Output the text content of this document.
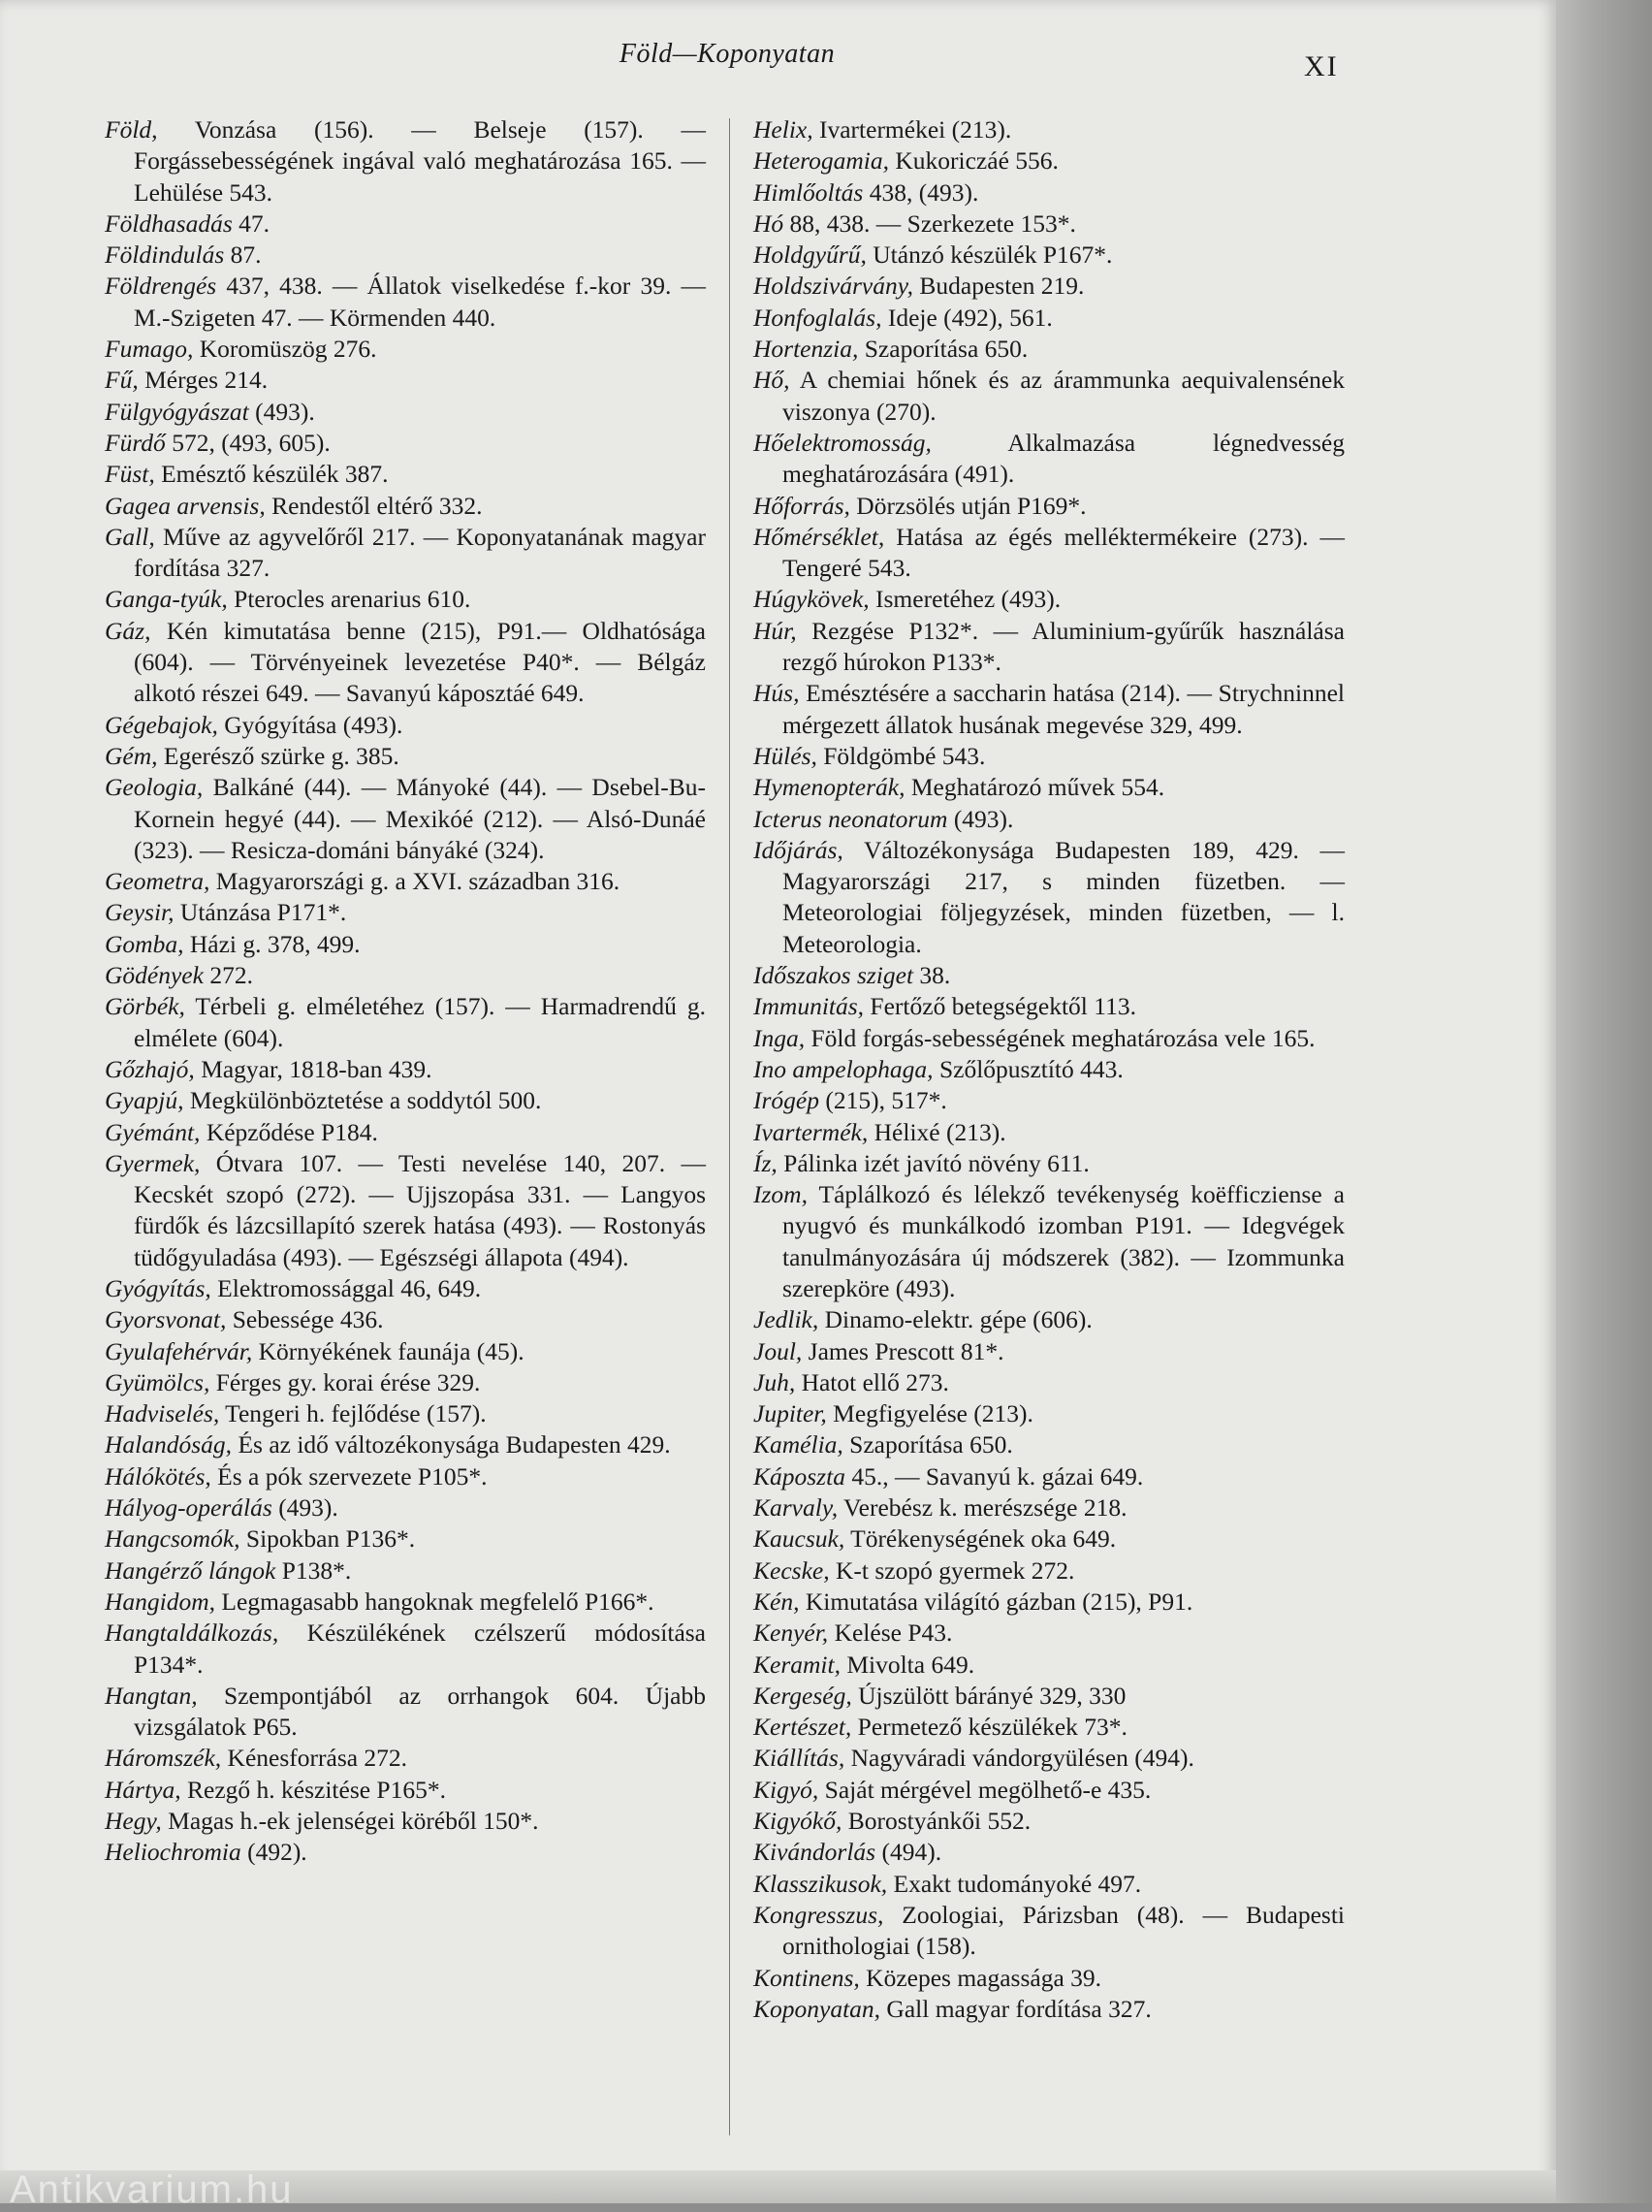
Föld—Koponyatan	XI

Föld, Vonzása (156). — Belseje (157). — Forgássebességének ingával való meghatározása 165. — Lehülése 543.

Földhasadás 47.

Földindulás 87.

Földrengés 437, 438. — Állatok viselkedése f.-kor 39. — M.-Szigeten 47. — Körmenden 440.

Fumago, Koromüszög 276.

Fű, Mérges 214.

Fülgyógyászat (493).

Fürdő 572, (493, 605).

Füst, Emésztő készülék 387.

Gagea arvensis, Rendestől eltérő 332.

Gall, Műve az agyvelőről 217. — Koponyatanának magyar fordítása 327.

Ganga-tyúk, Pterocles arenarius 610.

Gáz, Kén kimutatása benne (215), P91.— Oldhatósága (604). — Törvényeinek levezetése P40*. — Bélgáz alkotó részei 649. — Savanyú káposztáé 649.

Gégebajok, Gyógyítása (493).

Gém, Egerésző szürke g. 385.

Geologia, Balkáné (44). — Mányoké (44). — Dsebel-Bu-Kornein hegyé (44). — Mexikóé (212). — Alsó-Dunáé (323). — Resicza-dománi bányáké (324).

Geometra, Magyarországi g. a XVI. században 316.

Geysir, Utánzása P171*.

Gomba, Házi g. 378, 499.

Gödények 272.

Görbék, Térbeli g. elméletéhez (157). — Harmadrendű g. elmélete (604).

Gőzhajó, Magyar, 1818-ban 439.

Gyapjú, Megkülönböztetése a soddytól 500.

Gyémánt, Képződése P184.

Gyermek, Ótvara 107. — Testi nevelése 140, 207. — Kecskét szopó (272). — Ujjszopása 331. — Langyos fürdők és lázcsillapító szerek hatása (493). — Rostonyás tüdőgyuladása (493). — Egészségi állapota (494).

Gyógyítás, Elektromossággal 46, 649.

Gyorsvonat, Sebessége 436.

Gyulafehérvár, Környékének faunája (45).

Gyümölcs, Férges gy. korai érése 329.

Hadviselés, Tengeri h. fejlődése (157).

Halandóság, És az idő változékonysága Budapesten 429.

Hálókötés, És a pók szervezete P105*.

Hályog-operálás (493).

Hangcsomók, Sipokban P136*.

Hangérző lángok P138*.

Hangidom, Legmagasabb hangoknak megfelelő P166*.

Hangtaldálkozás, Készülékének czélszerű módosítása P134*.

Hangtan, Szempontjából az orrhangok 604. Újabb vizsgálatok P65.

Háromszék, Kénesforrása 272.

Hártya, Rezgő h. készitése P165*.

Hegy, Magas h.-ek jelenségei köréből 150*.

Heliochromia (492).

Helix, Ivartermékei (213).

Heterogamia, Kukoriczáé 556.

Himlőoltás 438, (493).

Hó 88, 438. — Szerkezete 153*.

Holdgyűrű, Utánzó készülék P167*.

Holdszivárvány, Budapesten 219.

Honfoglalás, Ideje (492), 561.

Hortenzia, Szaporítása 650.

Hő, A chemiai hőnek és az árammunka aequivalensének viszonya (270).

Hőelektromosság, Alkalmazása légnedvesség meghatározására (491).

Hőforrás, Dörzsölés utján P169*.

Hőmérséklet, Hatása az égés melléktermékeire (273). — Tengeré 543.

Húgykövek, Ismeretéhez (493).

Húr, Rezgése P132*. — Aluminium-gyűrűk használása rezgő húrokon P133*.

Hús, Emésztésére a saccharin hatása (214). — Strychninnel mérgezett állatok husának megevése 329, 499.

Hülés, Földgömbé 543.

Hymenopterák, Meghatározó művek 554.

Icterus neonatorum (493).

Időjárás, Változékonysága Budapesten 189, 429. — Magyarországi 217, s minden füzetben. — Meteorologiai följegyzések, minden füzetben, — l. Meteorologia.

Időszakos sziget 38.

Immunitás, Fertőző betegségektől 113.

Inga, Föld forgás-sebességének meghatározása vele 165.

Ino ampelophaga, Szőlőpusztító 443.

Irógép (215), 517*.

Ivartermék, Hélixé (213).

Íz, Pálinka izét javító növény 611.

Izom, Táplálkozó és lélekző tevékenység koëfficziense a nyugvó és munkálkodó izomban P191. — Idegvégek tanulmányozására új módszerek (382). — Izommunka szerepköre (493).

Jedlik, Dinamo-elektr. gépe (606).

Joul, James Prescott 81*.

Juh, Hatot ellő 273.

Jupiter, Megfigyelése (213).

Kamélia, Szaporítása 650.

Káposzta 45., — Savanyú k. gázai 649.

Karvaly, Verebész k. merészsége 218.

Kaucsuk, Törékenységének oka 649.

Kecske, K-t szopó gyermek 272.

Kén, Kimutatása világító gázban (215), P91.

Kenyér, Kelése P43.

Keramit, Mivolta 649.

Kergeség, Újszülött bárányé 329, 330

Kertészet, Permetező készülékek 73*.

Kiállítás, Nagyváradi vándorgyülésen (494).

Kigyó, Saját mérgével megölhető-e 435.

Kigyókő, Borostyánkői 552.

Kivándorlás (494).

Klasszikusok, Exakt tudományoké 497.

Kongresszus, Zoologiai, Párizsban (48). — Budapesti ornithologiai (158).

Kontinens, Közepes magassága 39.

Koponyatan, Gall magyar fordítása 327.

Antikvarium.hu
